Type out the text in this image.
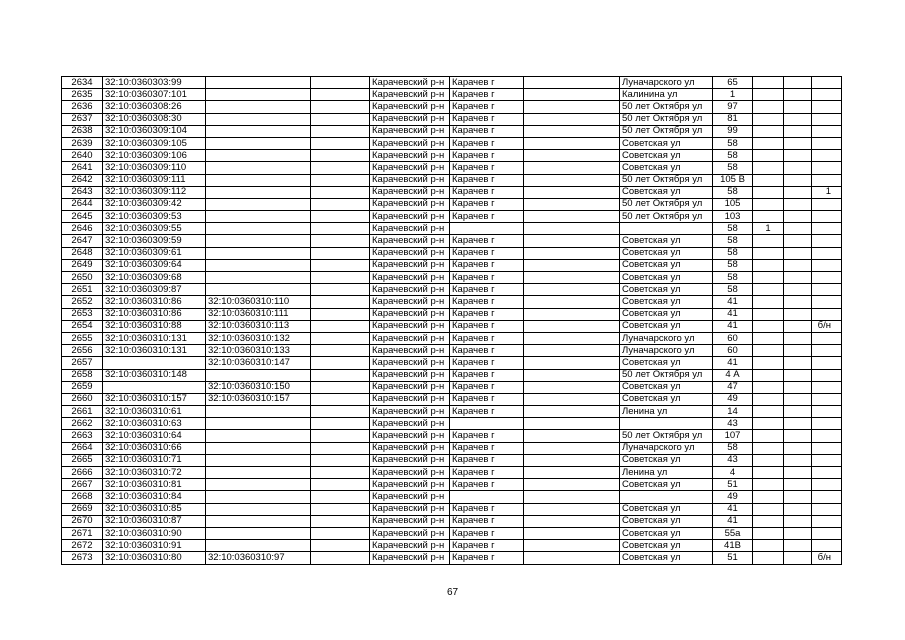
2634	32:10:0360303:99			Карачевский р-н	Карачев г		Луначарского ул	65			
2635	32:10:0360307:101			Карачевский р-н	Карачев г		Калинина ул	1			
2636	32:10:0360308:26			Карачевский р-н	Карачев г		50 лет Октября ул	97			
2637	32:10:0360308:30			Карачевский р-н	Карачев г		50 лет Октября ул	81			
2638	32:10:0360309:104			Карачевский р-н	Карачев г		50 лет Октября ул	99			
2639	32:10:0360309:105			Карачевский р-н	Карачев г		Советская ул	58			
2640	32:10:0360309:106			Карачевский р-н	Карачев г		Советская ул	58			
2641	32:10:0360309:110			Карачевский р-н	Карачев г		Советская ул	58			
2642	32:10:0360309:111			Карачевский р-н	Карачев г		50 лет Октября ул	105 В			
2643	32:10:0360309:112			Карачевский р-н	Карачев г		Советская ул	58			1
2644	32:10:0360309:42			Карачевский р-н	Карачев г		50 лет Октября ул	105			
2645	32:10:0360309:53			Карачевский р-н	Карачев г		50 лет Октября ул	103			
2646	32:10:0360309:55			Карачевский р-н				58	1		
2647	32:10:0360309:59			Карачевский р-н	Карачев г		Советская ул	58			
2648	32:10:0360309:61			Карачевский р-н	Карачев г		Советская ул	58			
2649	32:10:0360309:64			Карачевский р-н	Карачев г		Советская ул	58			
2650	32:10:0360309:68			Карачевский р-н	Карачев г		Советская ул	58			
2651	32:10:0360309:87			Карачевский р-н	Карачев г		Советская ул	58			
2652	32:10:0360310:86	32:10:0360310:110		Карачевский р-н	Карачев г		Советская ул	41			
2653	32:10:0360310:86	32:10:0360310:111		Карачевский р-н	Карачев г		Советская ул	41			
2654	32:10:0360310:88	32:10:0360310:113		Карачевский р-н	Карачев г		Советская ул	41			б/н
2655	32:10:0360310:131	32:10:0360310:132		Карачевский р-н	Карачев г		Луначарского ул	60			
2656	32:10:0360310:131	32:10:0360310:133		Карачевский р-н	Карачев г		Луначарского ул	60			
2657		32:10:0360310:147		Карачевский р-н	Карачев г		Советская ул	41			
2658	32:10:0360310:148			Карачевский р-н	Карачев г		50 лет Октября ул	4 А			
2659		32:10:0360310:150		Карачевский р-н	Карачев г		Советская ул	47			
2660	32:10:0360310:157	32:10:0360310:157		Карачевский р-н	Карачев г		Советская ул	49			
2661	32:10:0360310:61			Карачевский р-н	Карачев г		Ленина ул	14			
2662	32:10:0360310:63			Карачевский р-н				43			
2663	32:10:0360310:64			Карачевский р-н	Карачев г		50 лет Октября ул	107			
2664	32:10:0360310:66			Карачевский р-н	Карачев г		Луначарского ул	58			
2665	32:10:0360310:71			Карачевский р-н	Карачев г		Советская ул	43			
2666	32:10:0360310:72			Карачевский р-н	Карачев г		Ленина ул	4			
2667	32:10:0360310:81			Карачевский р-н	Карачев г		Советская ул	51			
2668	32:10:0360310:84			Карачевский р-н				49			
2669	32:10:0360310:85			Карачевский р-н	Карачев г		Советская ул	41			
2670	32:10:0360310:87			Карачевский р-н	Карачев г		Советская ул	41			
2671	32:10:0360310:90			Карачевский р-н	Карачев г		Советская ул	55а			
2672	32:10:0360310:91			Карачевский р-н	Карачев г		Советская ул	41В			
2673	32:10:0360310:80	32:10:0360310:97		Карачевский р-н	Карачев г		Советская ул	51			б/н
67
